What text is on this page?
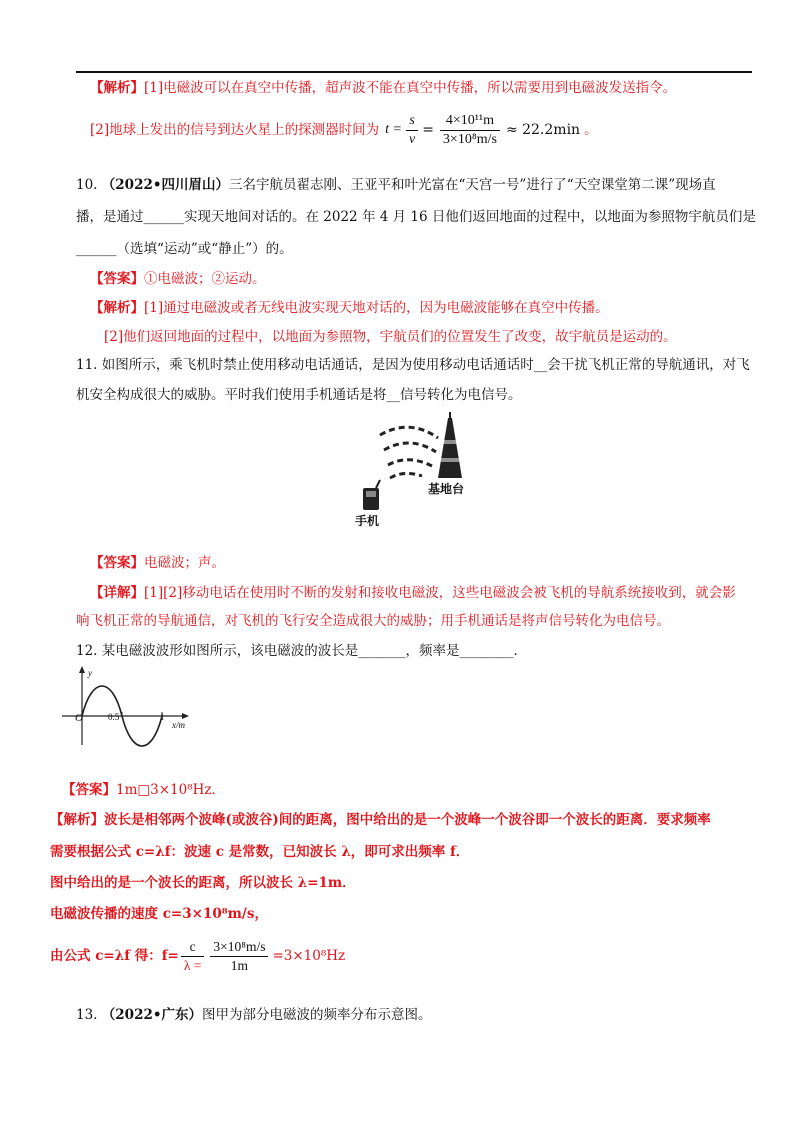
【解析】[1]电磁波可以在真空中传播，超声波不能在真空中传播，所以需要用到电磁波发送指令。
[2]地球上发出的信号到达火星上的探测器时间为 $t = \frac{s}{v} = \frac{\text{4×10¹¹m}}{\text{3×10⁸m/s}} \approx 22.2\min$ 。
10. （2022•四川眉山）三名宇航员翟志刚、王亚平和叶光富在“天宫一号”进行了“天空课堂第二课”现场直
播，是通过______实现天地间对话的。在 2022 年 4 月 16 日他们返回地面的过程中，以地面为参照物宇航员们是
______（选填“运动”或“静止”）的。
【答案】①电磁波；②运动。
【解析】[1]通过电磁波或者无线电波实现天地对话的，因为电磁波能够在真空中传播。
[2]他们返回地面的过程中，以地面为参照物，宇航员们的位置发生了改变，故宇航员是运动的。
11. 如图所示，乘飞机时禁止使用移动电话通话，是因为使用移动电话通话时__会干扰飞机正常的导航通讯，对飞
机安全构成很大的威胁。平时我们使用手机通话是将__信号转化为电信号。
基地台
手机
【答案】电磁波；声。
【详解】[1][2]移动电话在使用时不断的发射和接收电磁波，这些电磁波会被飞机的导航系统接收到，就会影
响飞机正常的导航通信，对飞机的飞行安全造成很大的威胁；用手机通话是将声信号转化为电信号。
12. 某电磁波波形如图所示，该电磁波的波长是_______，频率是________．
y
O	0.5	1
x/m
【答案】1m□3×10⁸Hz．
【解析】波长是相邻两个波峰(或波谷)间的距离，图中给出的是一个波峰一个波谷即一个波长的距离．要求频率
需要根据公式 c=λf：波速 c 是常数，已知波长 λ，即可求出频率 f．
图中给出的是一个波长的距离，所以波长 λ=1m．
电磁波传播的速度 c=3×10⁸m/s，
由公式 c=λf 得：$f= \frac{c}{\lambda =} \frac{\text{3×10⁸m/s}}{1m} =3\times 10^8Hz$
13. （2022•广东）图甲为部分电磁波的频率分布示意图。
